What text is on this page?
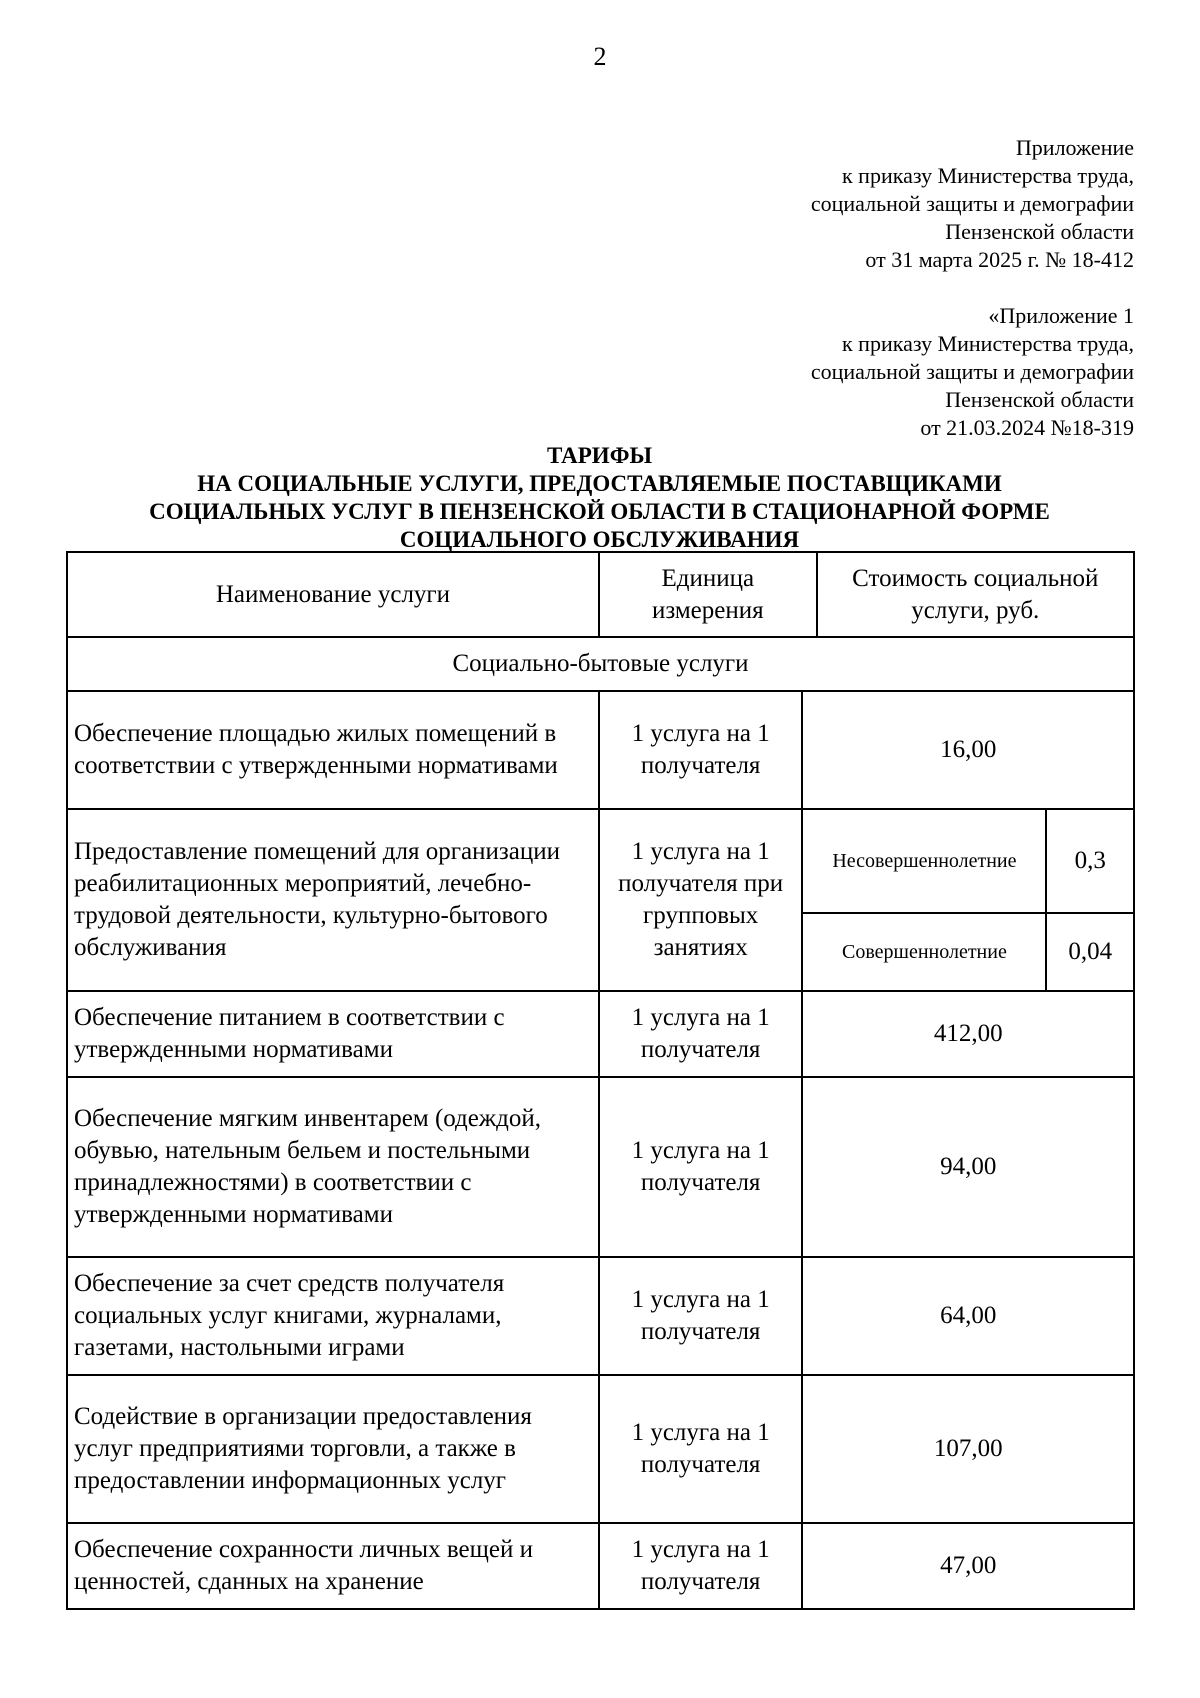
2
Приложение
к приказу Министерства труда,
социальной защиты и демографии
Пензенской области
от 31 марта 2025 г. № 18-412
«Приложение 1
к приказу Министерства труда,
социальной защиты и демографии
Пензенской области
от 21.03.2024 №18-319
ТАРИФЫ
НА СОЦИАЛЬНЫЕ УСЛУГИ, ПРЕДОСТАВЛЯЕМЫЕ ПОСТАВЩИКАМИ
СОЦИАЛЬНЫХ УСЛУГ В ПЕНЗЕНСКОЙ ОБЛАСТИ В СТАЦИОНАРНОЙ ФОРМЕ
СОЦИАЛЬНОГО ОБСЛУЖИВАНИЯ
Наименование услуги	Единица измерения		Стоимость социальной услуги, руб.	
Социально-бытовые услуги				
Обеспечение площадью жилых помещений в соответствии с утвержденными нормативами	1 услуга на 1 получателя	16,00		
Предоставление помещений для организации реабилитационных мероприятий, лечебно-трудовой деятельности, культурно-бытового обслуживания	1 услуга на 1 получателя при групповых занятиях	Несовершеннолетние		0,3
		Совершеннолетние		0,04
Обеспечение питанием в соответствии с утвержденными нормативами	1 услуга на 1 получателя	412,00		
Обеспечение мягким инвентарем (одеждой, обувью, нательным бельем и постельными принадлежностями) в соответствии с утвержденными нормативами	1 услуга на 1 получателя	94,00		
Обеспечение за счет средств получателя социальных услуг книгами, журналами, газетами, настольными играми	1 услуга на 1 получателя	64,00		
Содействие в организации предоставления услуг предприятиями торговли, а также в предоставлении информационных услуг	1 услуга на 1 получателя	107,00		
Обеспечение сохранности личных вещей и ценностей, сданных на хранение	1 услуга на 1 получателя	47,00		
